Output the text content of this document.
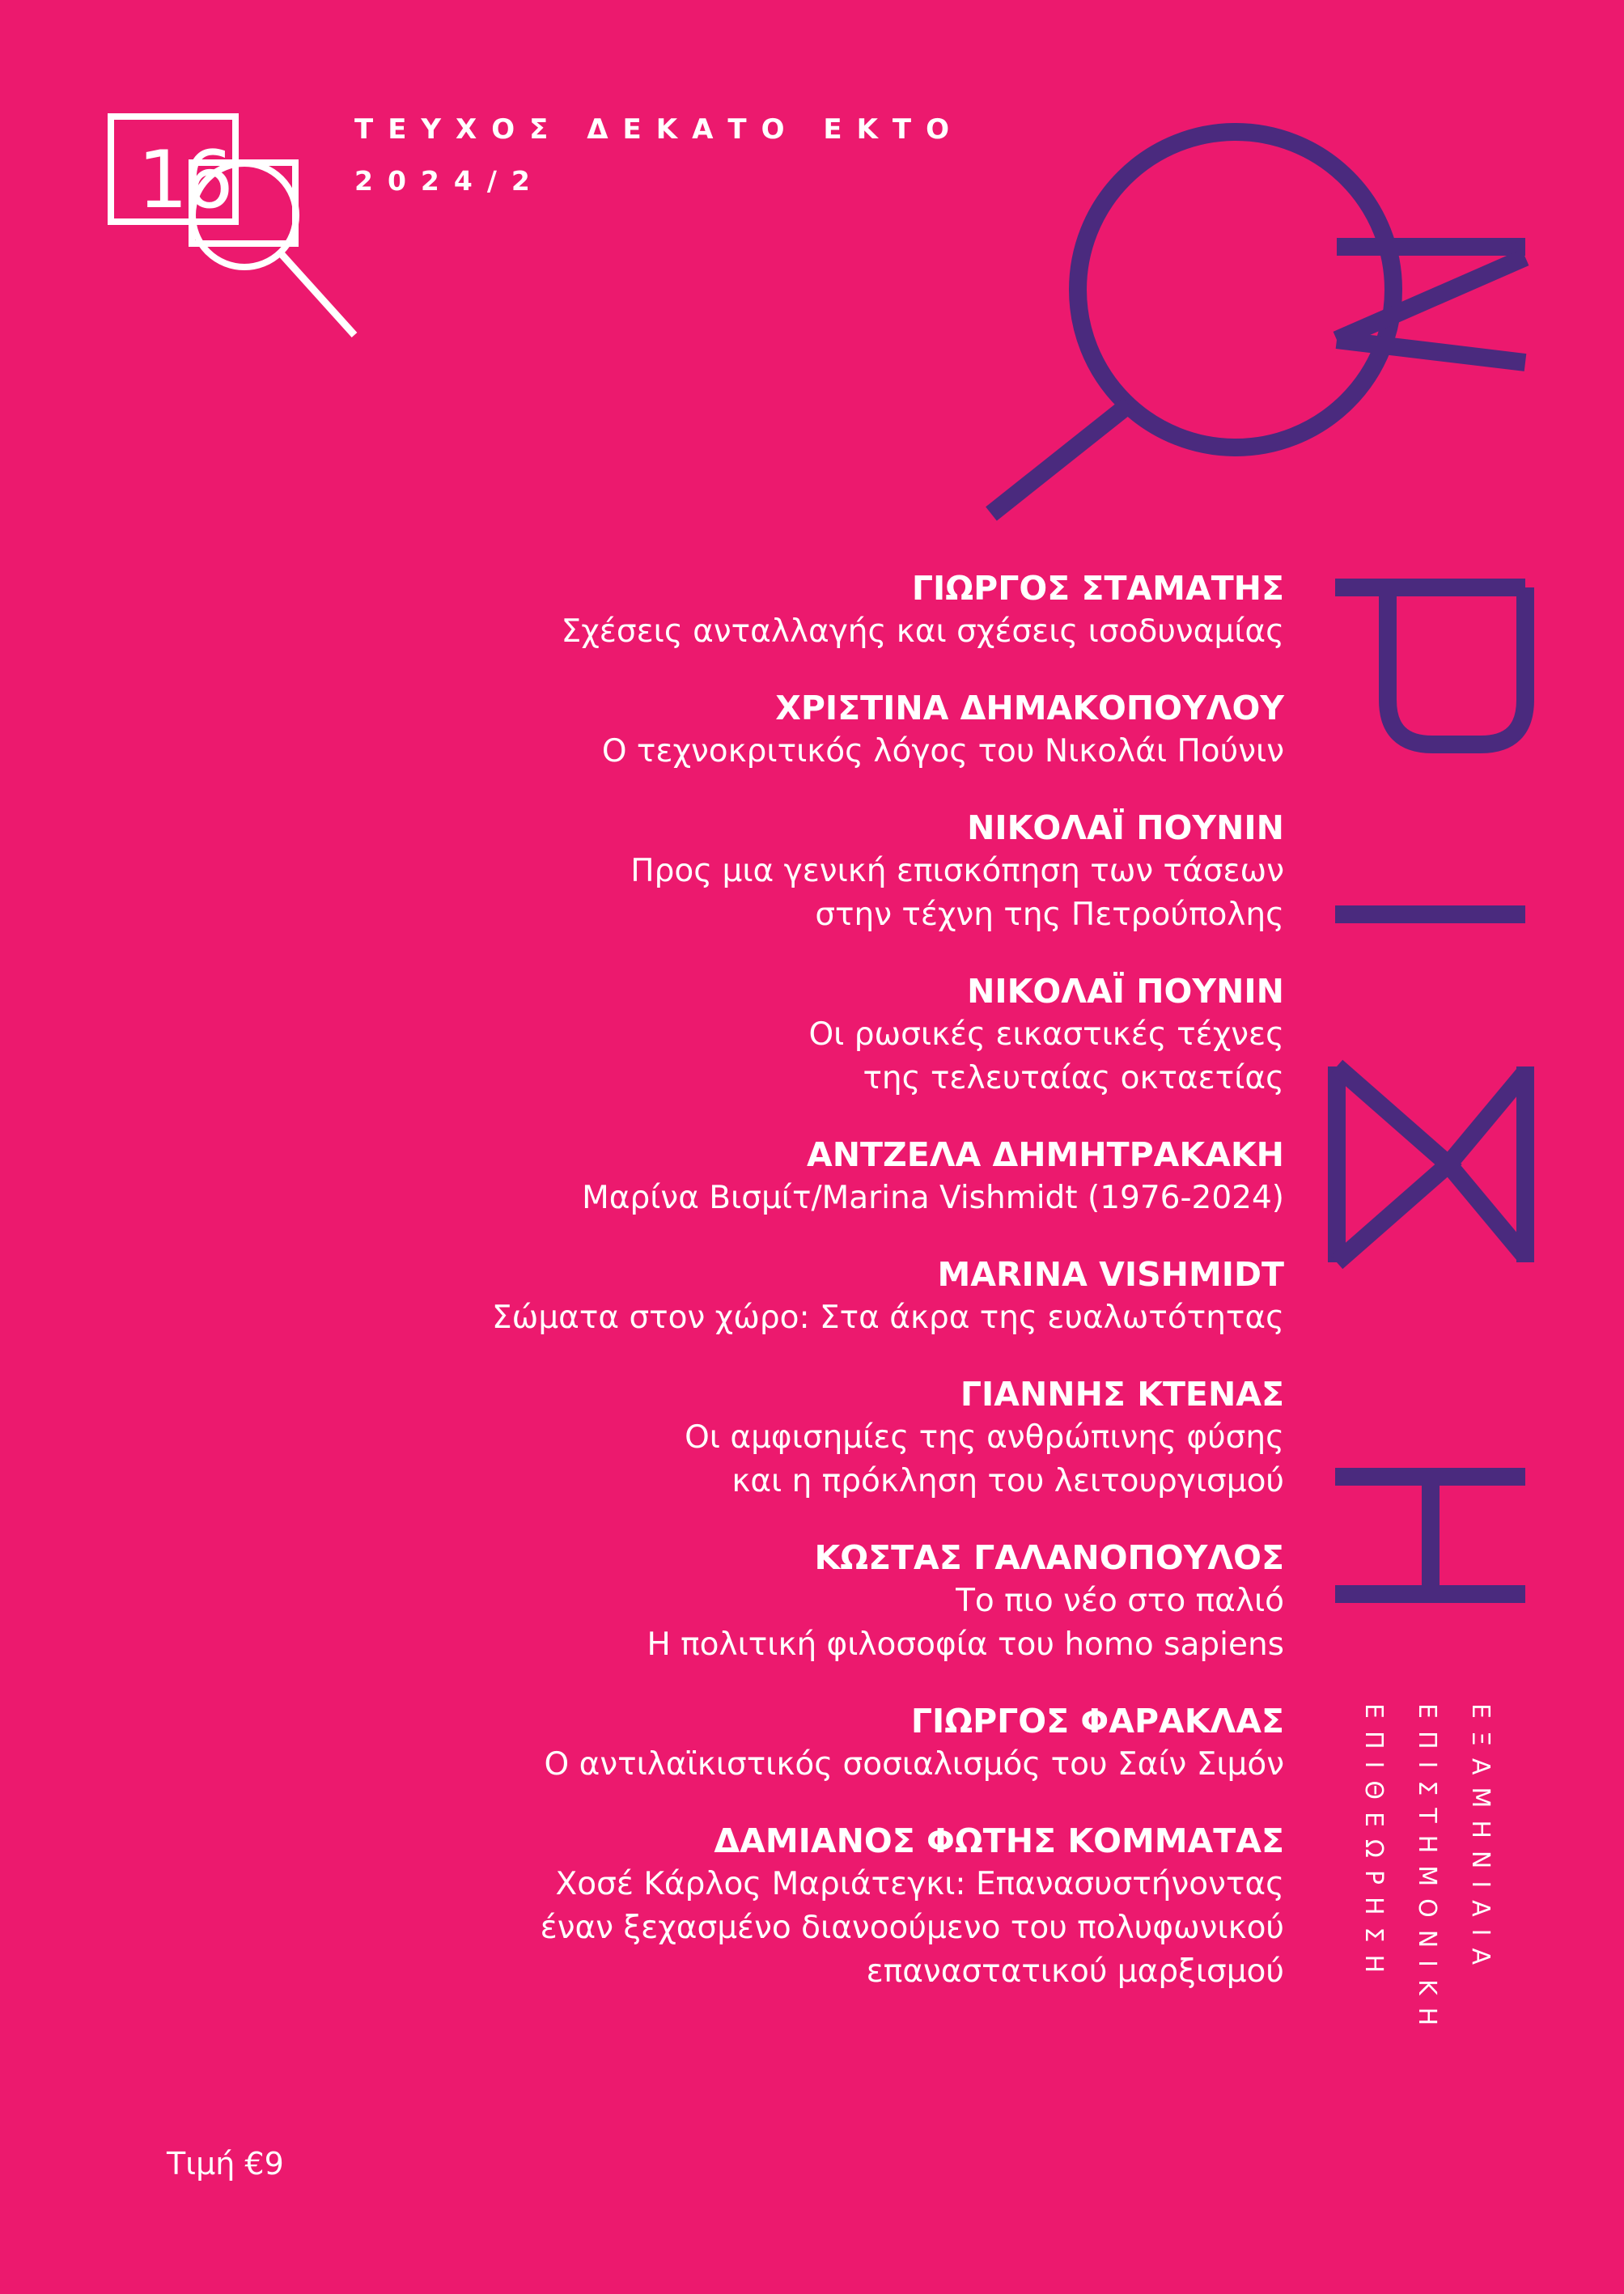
16
ΤΕΥΧΟΣ ΔΕΚΑΤΟ ΕΚΤΟ
2024/2
ΓΙΩΡΓΟΣ ΣΤΑΜΑΤΗΣ
Σχέσεις ανταλλαγής και σχέσεις ισοδυναμίας
ΧΡΙΣΤΙΝΑ ΔΗΜΑΚΟΠΟΥΛΟΥ
Ο τεχνοκριτικός λόγος του Νικολάι Πούνιν
ΝΙΚΟΛΑΪ ΠΟΥΝΙΝ
Προς μια γενική επισκόπηση των τάσεων
στην τέχνη της Πετρούπολης
ΝΙΚΟΛΑΪ ΠΟΥΝΙΝ
Οι ρωσικές εικαστικές τέχνες
της τελευταίας οκταετίας
ΑΝΤΖΕΛΑ ΔΗΜΗΤΡΑΚΑΚΗ
Μαρίνα Βισμίτ/Marina Vishmidt (1976-2024)
MARINA VISHMIDT
Σώματα στον χώρο: Στα άκρα της ευαλωτότητας
ΓΙΑΝΝΗΣ ΚΤΕΝΑΣ
Οι αμφισημίες της ανθρώπινης φύσης
και η πρόκληση του λειτουργισμού
ΚΩΣΤΑΣ ΓΑΛΑΝΟΠΟΥΛΟΣ
Το πιο νέο στο παλιό
Η πολιτική φιλοσοφία του homo sapiens
ΓΙΩΡΓΟΣ ΦΑΡΑΚΛΑΣ
Ο αντιλαϊκιστικός σοσιαλισμός του Σαίν Σιμόν
ΔΑΜΙΑΝΟΣ ΦΩΤΗΣ ΚΟΜΜΑΤΑΣ
Χοσέ Κάρλος Μαριάτεγκι: Επανασυστήνοντας
έναν ξεχασμένο διανοούμενο του πολυφωνικού
επαναστατικού μαρξισμού	ΕΞΑΜΗΝΙΑΙΑ
ΕΠΙΣΤΗΜΟΝΙΚΗ
ΕΠΙΘΕΩΡΗΣΗ
Τιμή €9
